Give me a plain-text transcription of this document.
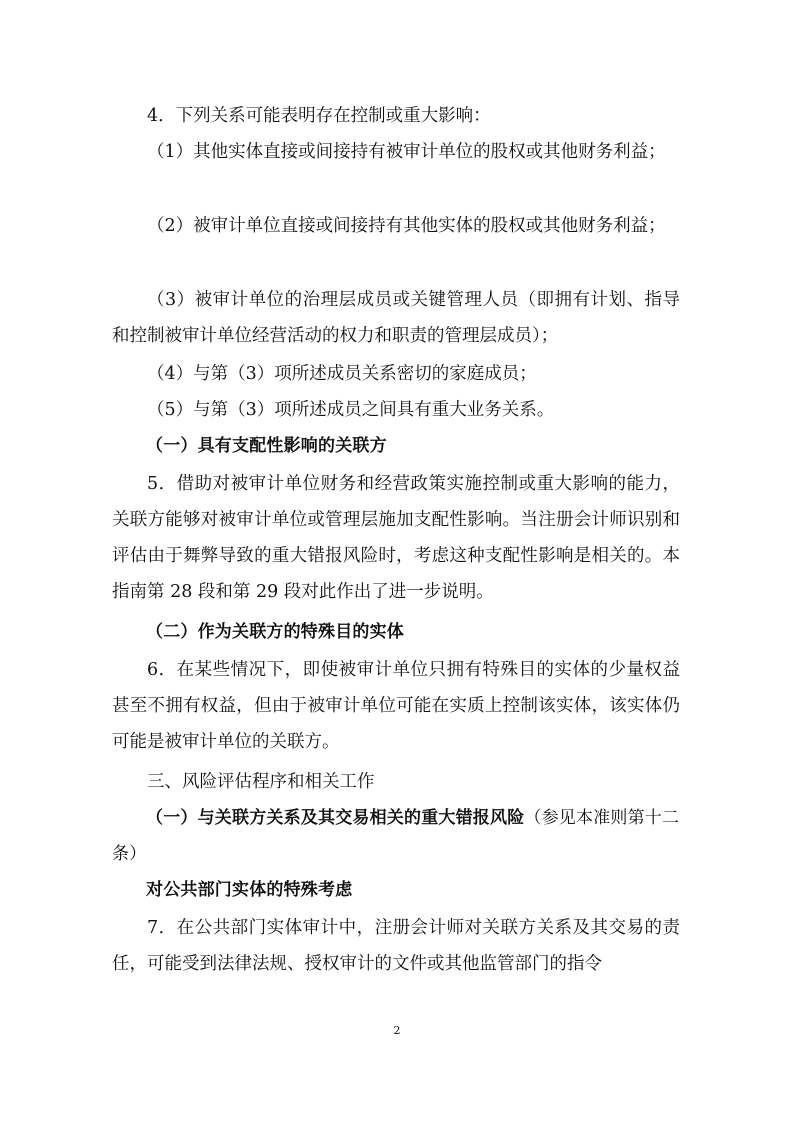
4．下列关系可能表明存在控制或重大影响：

（1）其他实体直接或间接持有被审计单位的股权或其他财务利益；

（2）被审计单位直接或间接持有其他实体的股权或其他财务利益；

（3）被审计单位的治理层成员或关键管理人员（即拥有计划、指导和控制被审计单位经营活动的权力和职责的管理层成员）；

（4）与第（3）项所述成员关系密切的家庭成员；

（5）与第（3）项所述成员之间具有重大业务关系。

（一）具有支配性影响的关联方

5．借助对被审计单位财务和经营政策实施控制或重大影响的能力，关联方能够对被审计单位或管理层施加支配性影响。当注册会计师识别和评估由于舞弊导致的重大错报风险时，考虑这种支配性影响是相关的。本指南第 28 段和第 29 段对此作出了进一步说明。

（二）作为关联方的特殊目的实体

6．在某些情况下，即使被审计单位只拥有特殊目的实体的少量权益甚至不拥有权益，但由于被审计单位可能在实质上控制该实体，该实体仍可能是被审计单位的关联方。

三、风险评估程序和相关工作

（一）与关联方关系及其交易相关的重大错报风险（参见本准则第十二条）

对公共部门实体的特殊考虑

7．在公共部门实体审计中，注册会计师对关联方关系及其交易的责任，可能受到法律法规、授权审计的文件或其他监管部门的指令

2
